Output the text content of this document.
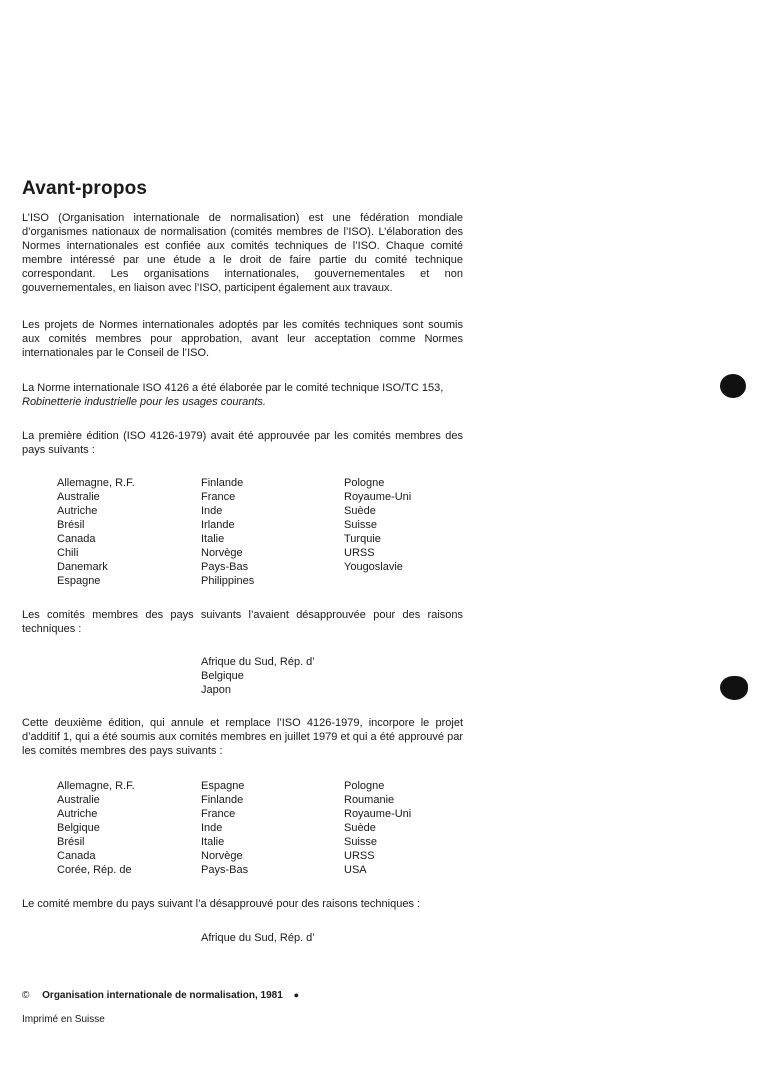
Avant-propos

L’ISO (Organisation internationale de normalisation) est une fédération mondiale d’organismes nationaux de normalisation (comités membres de l’ISO). L’élaboration des Normes internationales est confiée aux comités techniques de l’ISO. Chaque comité membre intéressé par une étude a le droit de faire partie du comité technique correspondant. Les organisations internationales, gouvernementales et non gouvernementales, en liaison avec l’ISO, participent également aux travaux.

Les projets de Normes internationales adoptés par les comités techniques sont soumis aux comités membres pour approbation, avant leur acceptation comme Normes internationales par le Conseil de l’ISO.

La Norme internationale ISO 4126 a été élaborée par le comité technique ISO/TC 153,
Robinetterie industrielle pour les usages courants.

La première édition (ISO 4126-1979) avait été approuvée par les comités membres des pays suivants :

Allemagne, R.F.
Australie
Autriche
Brésil
Canada
Chili
Danemark
Espagne
Finlande
France
Inde
Irlande
Italie
Norvège
Pays-Bas
Philippines
Pologne
Royaume-Uni
Suède
Suisse
Turquie
URSS
Yougoslavie

Les comités membres des pays suivants l’avaient désapprouvée pour des raisons techniques :

Afrique du Sud, Rép. d’
Belgique
Japon

Cette deuxième édition, qui annule et remplace l’ISO 4126-1979, incorpore le projet d’additif 1, qui a été soumis aux comités membres en juillet 1979 et qui a été approuvé par les comités membres des pays suivants :

Allemagne, R.F.
Australie
Autriche
Belgique
Brésil
Canada
Corée, Rép. de
Espagne
Finlande
France
Inde
Italie
Norvège
Pays-Bas
Pologne
Roumanie
Royaume-Uni
Suède
Suisse
URSS
USA

Le comité membre du pays suivant l’a désapprouvé pour des raisons techniques :

Afrique du Sud, Rép. d’
© Organisation internationale de normalisation, 1981 ●
Imprimé en Suisse
